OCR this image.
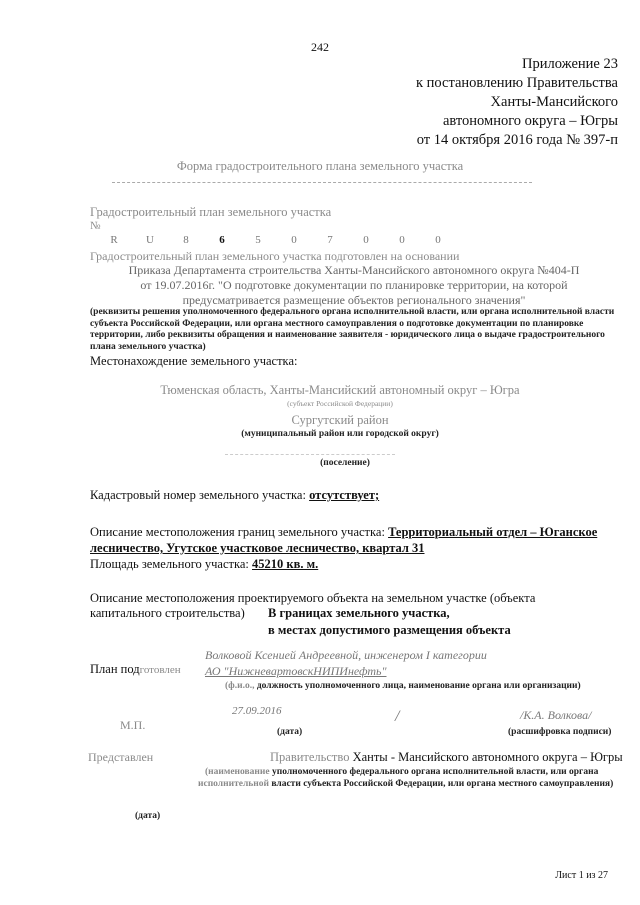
242
Приложение 23
к постановлению Правительства
Ханты-Мансийского
автономного округа – Югры
от 14 октября 2016 года № 397-п
Форма градостроительного плана земельного участка
Градостроительный план земельного участка
№
R	U	8	6	5	0	7	0	0	0
Градостроительный план земельного участка подготовлен на основании
Приказа Департамента строительства Ханты-Мансийского автономного округа №404-П
от 19.07.2016г. "О подготовке документации по планировке территории, на которой
предусматривается размещение объектов регионального значения"
(реквизиты решения уполномоченного федерального органа исполнительной власти, или органа исполнительной власти
субъекта Российской Федерации, или органа местного самоуправления о подготовке документации по планировке
территории, либо реквизиты обращения и наименование заявителя - юридического лица о выдаче градостроительного
плана земельного участка)
Местонахождение земельного участка:
Тюменская область, Ханты-Мансийский автономный округ – Югра
(субъект Российской Федерации)
Сургутский район
(муниципальный район или городской округ)
(поселение)
Кадастровый номер земельного участка: отсутствует;
Описание местоположения границ земельного участка: Территориальный отдел – Юганское
лесничество, Угутское участковое лесничество, квартал 31
Площадь земельного участка: 45210 кв. м.
Описание местоположения проектируемого объекта на земельном участке (объекта
капитального строительства) В границах земельного участка,
в местах допустимого размещения объекта
План подготовлен
Волковой Ксенией Андреевной, инженером I категории
АО "НижневартовскНИПИнефть"
(ф.и.о., должность уполномоченного лица, наименование органа или организации)
М.П.
27.09.2016
(дата)
/	/К.А. Волкова/
(расшифровка подписи)
Представлен	Правительство Ханты - Мансийского автономного округа – Югры
(наименование уполномоченного федерального органа исполнительной власти, или органа
исполнительной власти субъекта Российской Федерации, или органа местного самоуправления)
(дата)
Лист 1 из 27
